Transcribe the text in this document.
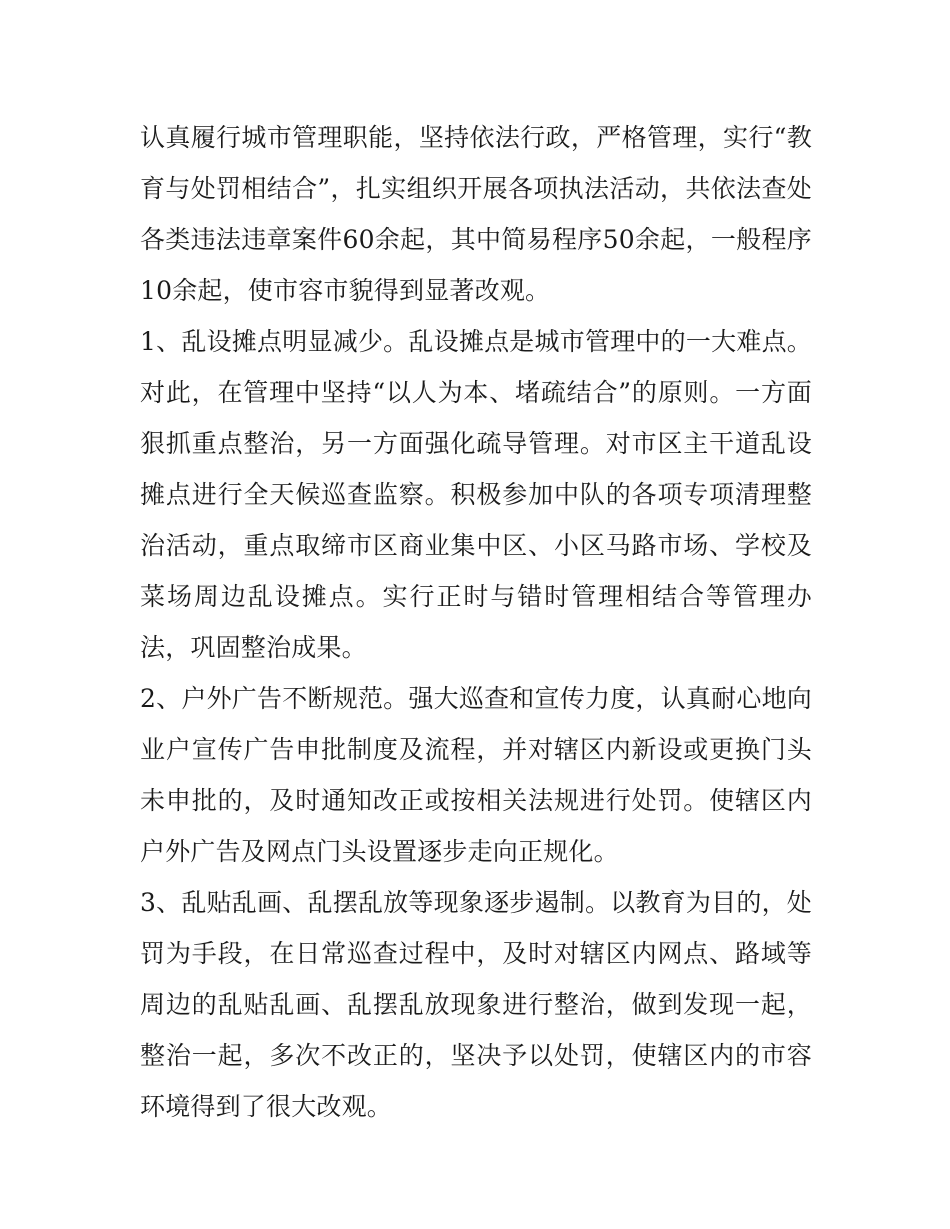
认真履行城市管理职能，坚持依法行政，严格管理，实行“教育与处罚相结合”，扎实组织开展各项执法活动，共依法查处各类违法违章案件60余起，其中简易程序50余起，一般程序10余起，使市容市貌得到显著改观。

1、乱设摊点明显减少。乱设摊点是城市管理中的一大难点。对此，在管理中坚持“以人为本、堵疏结合”的原则。一方面狠抓重点整治，另一方面强化疏导管理。对市区主干道乱设摊点进行全天候巡查监察。积极参加中队的各项专项清理整治活动，重点取缔市区商业集中区、小区马路市场、学校及菜场周边乱设摊点。实行正时与错时管理相结合等管理办法，巩固整治成果。

2、户外广告不断规范。强大巡查和宣传力度，认真耐心地向业户宣传广告申批制度及流程，并对辖区内新设或更换门头未申批的，及时通知改正或按相关法规进行处罚。使辖区内户外广告及网点门头设置逐步走向正规化。

3、乱贴乱画、乱摆乱放等现象逐步遏制。以教育为目的，处罚为手段，在日常巡查过程中，及时对辖区内网点、路域等周边的乱贴乱画、乱摆乱放现象进行整治，做到发现一起，整治一起，多次不改正的，坚决予以处罚，使辖区内的市容环境得到了很大改观。
